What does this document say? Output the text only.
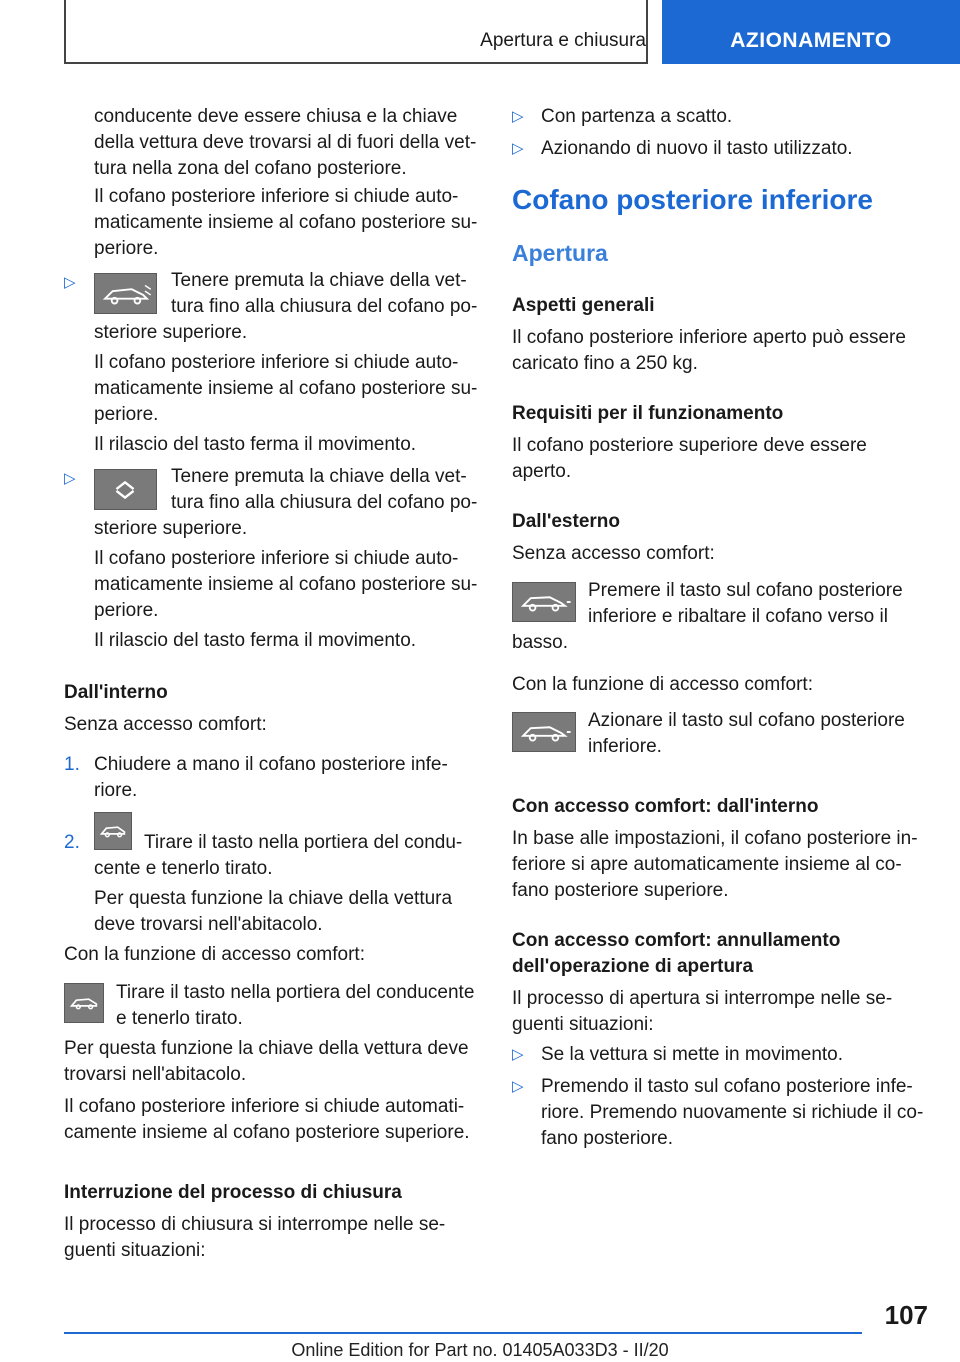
Apertura e chiusura	AZIONAMENTO
conducente deve essere chiusa e la chiave
della vettura deve trovarsi al di fuori della vet-
tura nella zona del cofano posteriore.
Il cofano posteriore inferiore si chiude auto-
maticamente insieme al cofano posteriore su-
periore.
▷	Tenere premuta la chiave della vet-
tura fino alla chiusura del cofano po-
steriore superiore.
Il cofano posteriore inferiore si chiude auto-
maticamente insieme al cofano posteriore su-
periore.
Il rilascio del tasto ferma il movimento.
▷	Tenere premuta la chiave della vet-
tura fino alla chiusura del cofano po-
steriore superiore.
Il cofano posteriore inferiore si chiude auto-
maticamente insieme al cofano posteriore su-
periore.
Il rilascio del tasto ferma il movimento.
Dall'interno
Senza accesso comfort:
1. Chiudere a mano il cofano posteriore infe-
riore.
2.	Tirare il tasto nella portiera del condu-
cente e tenerlo tirato.
Per questa funzione la chiave della vettura
deve trovarsi nell'abitacolo.
Con la funzione di accesso comfort:
Tirare il tasto nella portiera del conducente
e tenerlo tirato.
Per questa funzione la chiave della vettura deve
trovarsi nell'abitacolo.
Il cofano posteriore inferiore si chiude automati-
camente insieme al cofano posteriore superiore.
Interruzione del processo di chiusura
Il processo di chiusura si interrompe nelle se-
guenti situazioni:
▷ Con partenza a scatto.
▷ Azionando di nuovo il tasto utilizzato.
Cofano posteriore inferiore
Apertura
Aspetti generali
Il cofano posteriore inferiore aperto può essere
caricato fino a 250 kg.
Requisiti per il funzionamento
Il cofano posteriore superiore deve essere
aperto.
Dall'esterno
Senza accesso comfort:
Premere il tasto sul cofano posteriore
inferiore e ribaltare il cofano verso il
basso.
Con la funzione di accesso comfort:
Azionare il tasto sul cofano posteriore
inferiore.
Con accesso comfort: dall'interno
In base alle impostazioni, il cofano posteriore in-
feriore si apre automaticamente insieme al co-
fano posteriore superiore.
Con accesso comfort: annullamento
dell'operazione di apertura
Il processo di apertura si interrompe nelle se-
guenti situazioni:
▷ Se la vettura si mette in movimento.
▷ Premendo il tasto sul cofano posteriore infe-
riore. Premendo nuovamente si richiude il co-
fano posteriore.
107
Online Edition for Part no. 01405A033D3 - II/20
